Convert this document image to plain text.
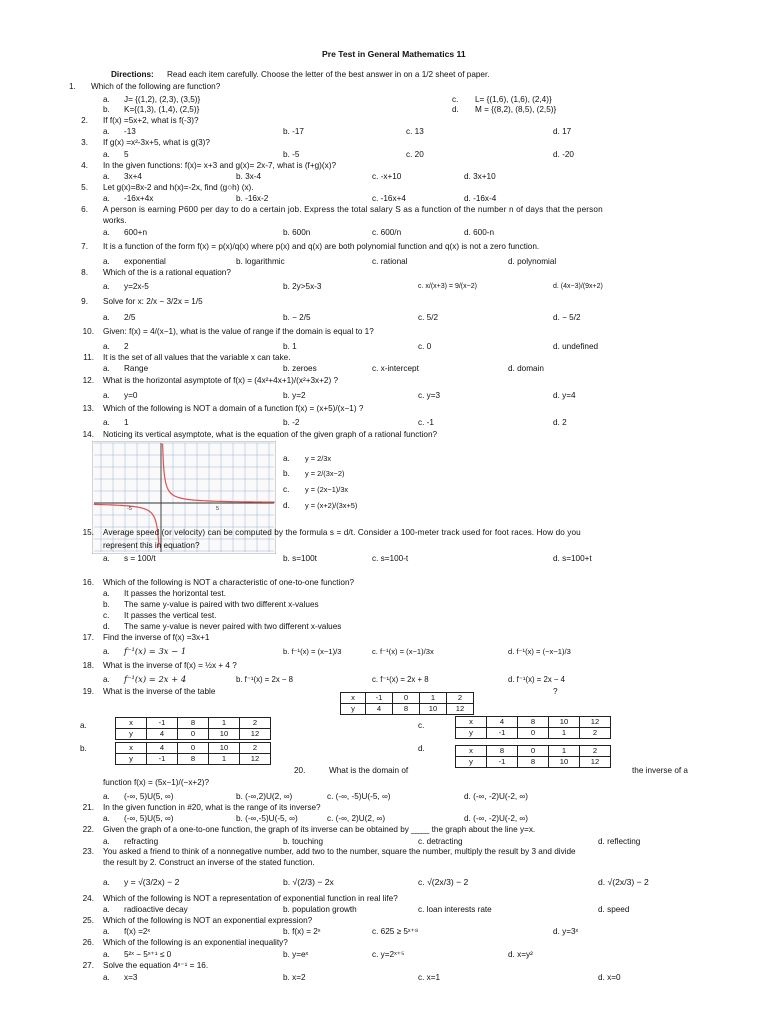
Pre Test in General Mathematics 11
Directions: Read each item carefully. Choose the letter of the best answer in on a 1/2 sheet of paper.
1. Which of the following are function?
a. J= {(1,2), (2,3), (3,5)}
b. K={(1,3), (1,4), (2,5)}
c. L= {(1,6), (1,6), (2,4)}
d. M = {(8,2), (8,5), (2,5)}
2. If f(x) =5x+2, what is f(-3)?
a. -13	b. -17	c. 13	d. 17
3. If g(x) =x²-3x+5, what is g(3)?
a. 5	b. -5	c. 20	d. -20
4. In the given functions: f(x)= x+3 and g(x)= 2x-7, what is (f+g)(x)?
a. 3x+4	b. 3x-4	c. -x+10	d. 3x+10
5. Let g(x)=8x-2 and h(x)=-2x, find (g○h) (x).
a. -16x+4x	b. -16x-2	c. -16x+4	d. -16x-4
6. A person is earning P600 per day to do a certain job. Express the total salary S as a function of the number n of days that the person
works.
a. 600+n	b. 600n	c. 600/n	d. 600-n
7. It is a function of the form f(x) = p(x)/q(x) where p(x) and q(x) are both polynomial function and q(x) is not a zero function.
a. exponential	b. logarithmic	c. rational	d. polynomial
8. Which of the is a rational equation?
a. y=2x-5	b. 2y>5x-3	c. x/(x+3) = 9/(x−2)	d. (4x−3)/(9x+2)
9. Solve for x: 2/x − 3/2x = 1/5
a. 2/5	b. − 2/5	c. 5/2	d. − 5/2
10. Given: f(x) = 4/(x−1), what is the value of range if the domain is equal to 1?
a. 2	b. 1	c. 0	d. undefined
11. It is the set of all values that the variable x can take.
a. Range	b. zeroes	c. x-intercept	d. domain
12. What is the horizontal asymptote of f(x) = (4x²+4x+1)/(x²+3x+2) ?
a. y=0	b. y=2	c. y=3	d. y=4
13. Which of the following is NOT a domain of a function f(x) = (x+5)/(x−1) ?
a. 1	b. -2	c. -1	d. 2
14. Noticing its vertical asymptote, what is the equation of the given graph of a rational function?
-5	5
a. y = 2/3x
b. y = 2/(3x−2)
c. y = (2x−1)/3x
d. y = (x+2)/(3x+5)
15. Average speed (or velocity) can be computed by the formula s = d/t. Consider a 100-meter track used for foot races. How do you
represent this in equation?
a. s = 100/t	b. s=100t	c. s=100-t	d. s=100+t
16. Which of the following is NOT a characteristic of one-to-one function?
a. It passes the horizontal test.
b. The same y-value is paired with two different x-values
c. It passes the vertical test.
d. The same y-value is never paired with two different x-values
17. Find the inverse of f(x) =3x+1
a. f⁻¹(x) = 3x − 1	b. f⁻¹(x) = (x−1)/3	c. f⁻¹(x) = (x−1)/3x	d. f⁻¹(x) = (−x−1)/3
18. What is the inverse of f(x) = ½x + 4 ?
a. f⁻¹(x) = 2x + 4	b. f⁻¹(x) = 2x − 8	c. f⁻¹(x) = 2x + 8	d. f⁻¹(x) = 2x − 4
19. What is the inverse of the table	?
x	-1	0	1	2
y	4	8	10	12
a.	x	-1	8	1	2
y	4	0	10	12
b.	x	4	0	10	2
y	-1	8	1	12
c.	x	4	8	10	12
y	-1	0	1	2
d.	x	8	0	1	2
y	-1	8	10	12
20.	What is the domain of	the inverse of a
function f(x) = (5x−1)/(−x+2)?
a. (-∞, 5)U(5, ∞)	b. (-∞,2)U(2, ∞)	c. (-∞, -5)U(-5, ∞)	d. (-∞, -2)U(-2, ∞)
21. In the given function in #20, what is the range of its inverse?
a. (-∞, 5)U(5, ∞)	b. (-∞,-5)U(-5, ∞)	c. (-∞, 2)U(2, ∞)	d. (-∞, -2)U(-2, ∞)
22. Given the graph of a one-to-one function, the graph of its inverse can be obtained by ____ the graph about the line y=x.
a. refracting	b. touching	c. detracting	d. reflecting
23. You asked a friend to think of a nonnegative number, add two to the number, square the number, multiply the result by 3 and divide
the result by 2. Construct an inverse of the stated function.
a. y = √(3/2x) − 2	b. √(2/3) − 2x	c. √(2x/3) − 2	d. √(2x/3) − 2
24. Which of the following is NOT a representation of exponential function in real life?
a. radioactive decay	b. population growth	c. loan interests rate	d. speed
25. Which of the following is NOT an exponential expression?
a. f(x) =2ˣ	b. f(x) = 2ˣ	c. 625 ≥ 5ˣ⁺⁸	d. y=3ˣ
26. Which of the following is an exponential inequality?
a. 5²ˣ − 5ˣ⁺¹ ≤ 0	b. y=eˣ	c. y=2ˣ⁺⁵	d. x=y²
27. Solve the equation 4ˣ⁻¹ = 16.
a. x=3	b. x=2	c. x=1	d. x=0
